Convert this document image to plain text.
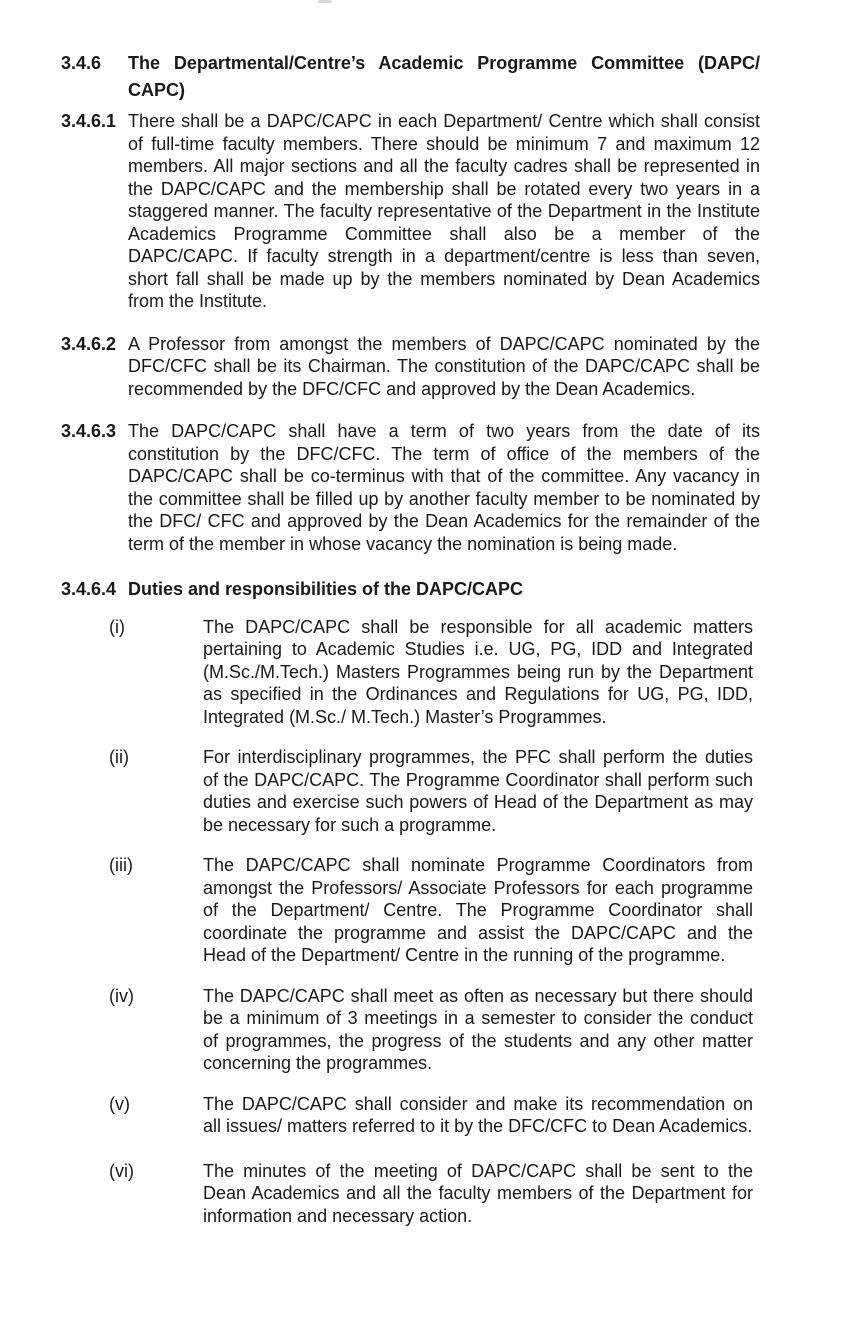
3.4.6	The Departmental/Centre’s Academic Programme Committee (DAPC/
CAPC)
3.4.6.1 There shall be a DAPC/CAPC in each Department/ Centre which shall consist of full-time faculty members. There should be minimum 7 and maximum 12 members. All major sections and all the faculty cadres shall be represented in the DAPC/CAPC and the membership shall be rotated every two years in a staggered manner. The faculty representative of the Department in the Institute Academics Programme Committee shall also be a member of the DAPC/CAPC. If faculty strength in a department/centre is less than seven, short fall shall be made up by the members nominated by Dean Academics from the Institute.
3.4.6.2 A Professor from amongst the members of DAPC/CAPC nominated by the DFC/CFC shall be its Chairman. The constitution of the DAPC/CAPC shall be recommended by the DFC/CFC and approved by the Dean Academics.
3.4.6.3 The DAPC/CAPC shall have a term of two years from the date of its constitution by the DFC/CFC. The term of office of the members of the DAPC/CAPC shall be co-terminus with that of the committee. Any vacancy in the committee shall be filled up by another faculty member to be nominated by the DFC/ CFC and approved by the Dean Academics for the remainder of the term of the member in whose vacancy the nomination is being made.
3.4.6.4 Duties and responsibilities of the DAPC/CAPC
(i)	The DAPC/CAPC shall be responsible for all academic matters pertaining to Academic Studies i.e. UG, PG, IDD and Integrated (M.Sc./M.Tech.) Masters Programmes being run by the Department as specified in the Ordinances and Regulations for UG, PG, IDD, Integrated (M.Sc./ M.Tech.) Master’s Programmes.
(ii)	For interdisciplinary programmes, the PFC shall perform the duties of the DAPC/CAPC. The Programme Coordinator shall perform such duties and exercise such powers of Head of the Department as may be necessary for such a programme.
(iii)	The DAPC/CAPC shall nominate Programme Coordinators from amongst the Professors/ Associate Professors for each programme of the Department/ Centre. The Programme Coordinator shall coordinate the programme and assist the DAPC/CAPC and the Head of the Department/ Centre in the running of the programme.
(iv)	The DAPC/CAPC shall meet as often as necessary but there should be a minimum of 3 meetings in a semester to consider the conduct of programmes, the progress of the students and any other matter concerning the programmes.
(v)	The DAPC/CAPC shall consider and make its recommendation on all issues/ matters referred to it by the DFC/CFC to Dean Academics.
(vi)	The minutes of the meeting of DAPC/CAPC shall be sent to the Dean Academics and all the faculty members of the Department for information and necessary action.
